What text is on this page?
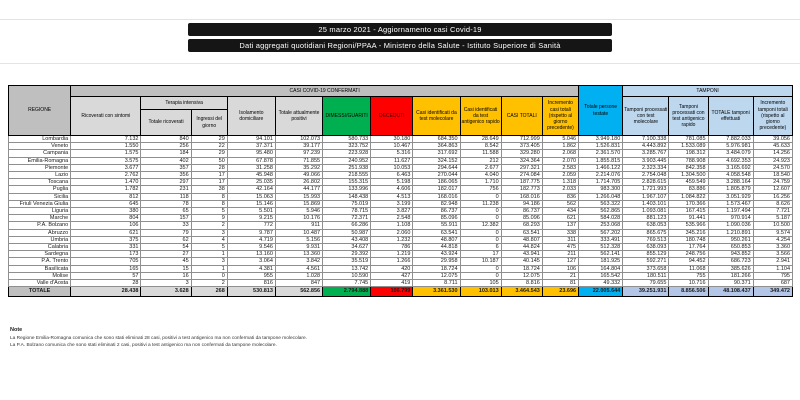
25 marzo 2021 - Aggiornamento casi Covid-19
Dati aggregati quotidiani Regioni/PPAA - Ministero della Salute - Istituto Superiore di Sanità
REGIONE	CASI COVID-19 CONFERMATI											Totale persone testate	TAMPONI			
	Ricoverati con sintomi	Terapia intensiva		Isolamento domiciliare	Totale attualmente positivi	DIMESSI/GUARITI	DECEDUTI	Casi identificati da test molecolare	Casi identificati da test antigenico rapido	CASI TOTALI	Incremento casi totali (rispetto al giorno precedente)		Tamponi processati con test molecolare	Tamponi processati con test antigenico rapido	TOTALE tamponi effettuati	Incremento tamponi totali (rispetto al giorno precedente)
		Totale ricoverati	Ingressi del giorno													
Lombardia	7.132	840	29	94.101	102.073	580.733	30.180	684.350	28.649	712.999	5.046	3.949.180	7.100.338	781.085	7.882.033	39.056
Veneto	1.550	256	22	37.371	39.177	323.752	10.467	364.863	8.542	373.405	1.862	1.526.831	4.443.892	1.533.089	5.976.981	45.633
Campania	1.575	184	29	95.480	97.239	223.928	5.316	317.692	11.588	329.280	2.068	2.361.570	3.285.767	198.312	3.484.079	14.256
Emilia-Romagna	3.575	402	50	67.878	71.855	240.952	11.627	324.152	212	324.364	2.070	1.855.815	3.903.445	788.908	4.692.353	24.923
Piemonte	3.677	357	28	31.258	35.292	251.938	10.053	294.644	2.677	297.321	2.583	1.466.122	2.323.334	842.358	3.165.692	24.570
Lazio	2.762	356	17	45.948	49.066	218.555	6.463	270.044	4.040	274.084	2.059	2.214.076	2.754.048	1.304.500	4.058.548	18.540
Toscana	1.470	297	17	25.035	26.802	155.315	5.198	186.065	1.710	187.775	1.318	1.714.705	2.828.615	459.549	3.288.164	24.759
Puglia	1.782	231	38	42.164	44.177	133.996	4.606	182.017	756	182.773	2.033	983.300	1.721.993	83.886	1.805.879	12.607
Sicilia	812	118	8	15.063	15.993	148.438	4.513	168.016	0	168.016	836	1.266.048	1.967.107	1.084.822	3.051.929	16.256
Friuli Venezia Giulia	645	78	8	15.146	15.869	75.019	3.199	82.948	11.238	94.186	562	563.322	1.403.101	170.366	1.573.467	8.626
Liguria	380	65	5	5.501	5.946	78.715	3.827	86.737	0	86.737	434	562.865	1.093.081	167.415	1.197.494	7.721
Marche	804	157	9	9.215	10.176	72.371	2.548	85.096	0	85.096	621	584.028	881.123	91.441	970.914	5.187
P.A. Bolzano	106	33	2	772	911	66.286	1.108	55.911	12.382	68.293	137	253.068	638.053	535.966	1.090.036	10.500
Abruzzo	621	79	3	9.787	10.487	50.987	2.060	63.541	0	63.541	338	567.202	865.675	345.216	1.210.891	9.574
Umbria	375	62	4	4.719	5.156	43.408	1.232	48.807	0	48.807	311	333.491	769.513	180.748	950.261	4.254
Calabria	331	54	5	9.546	9.931	34.627	786	44.818	6	44.824	475	512.328	638.093	17.764	650.853	3.360
Sardegna	173	27	1	13.160	13.360	29.392	1.219	43.924	17	43.941	211	562.141	855.129	248.756	943.852	3.566
P.A. Trento	705	45	3	3.064	3.842	35.519	1.266	29.958	10.187	40.145	127	181.925	592.271	94.452	686.723	2.941
Basilicata	165	15	1	4.381	4.561	13.742	420	18.724	0	18.724	106	164.804	373.658	11.068	385.626	1.104
Molise	57	16	0	955	1.028	10.590	427	12.075	0	12.075	21	165.542	180.511	755	181.266	795
Valle d'Aosta	28	3	2	816	847	7.745	419	8.711	105	8.816	81	49.332	79.655	10.716	90.371	687
TOTALE	28.438	3.628	268	530.813	562.856	2.794.888	106.799	3.361.530	103.013	3.464.543	23.696	22.005.644	39.251.931	8.856.506	48.108.437	349.472
Note
La Regione Emilia-Romagna comunica che sono stati eliminati 28 casi, positivi a test antigenico ma non confermati da tampone molecolare.
La P.A. Bolzano comunica che sono stati eliminati 2 casi, positivi a test antigenico ma non confermati da tampone molecolare.
